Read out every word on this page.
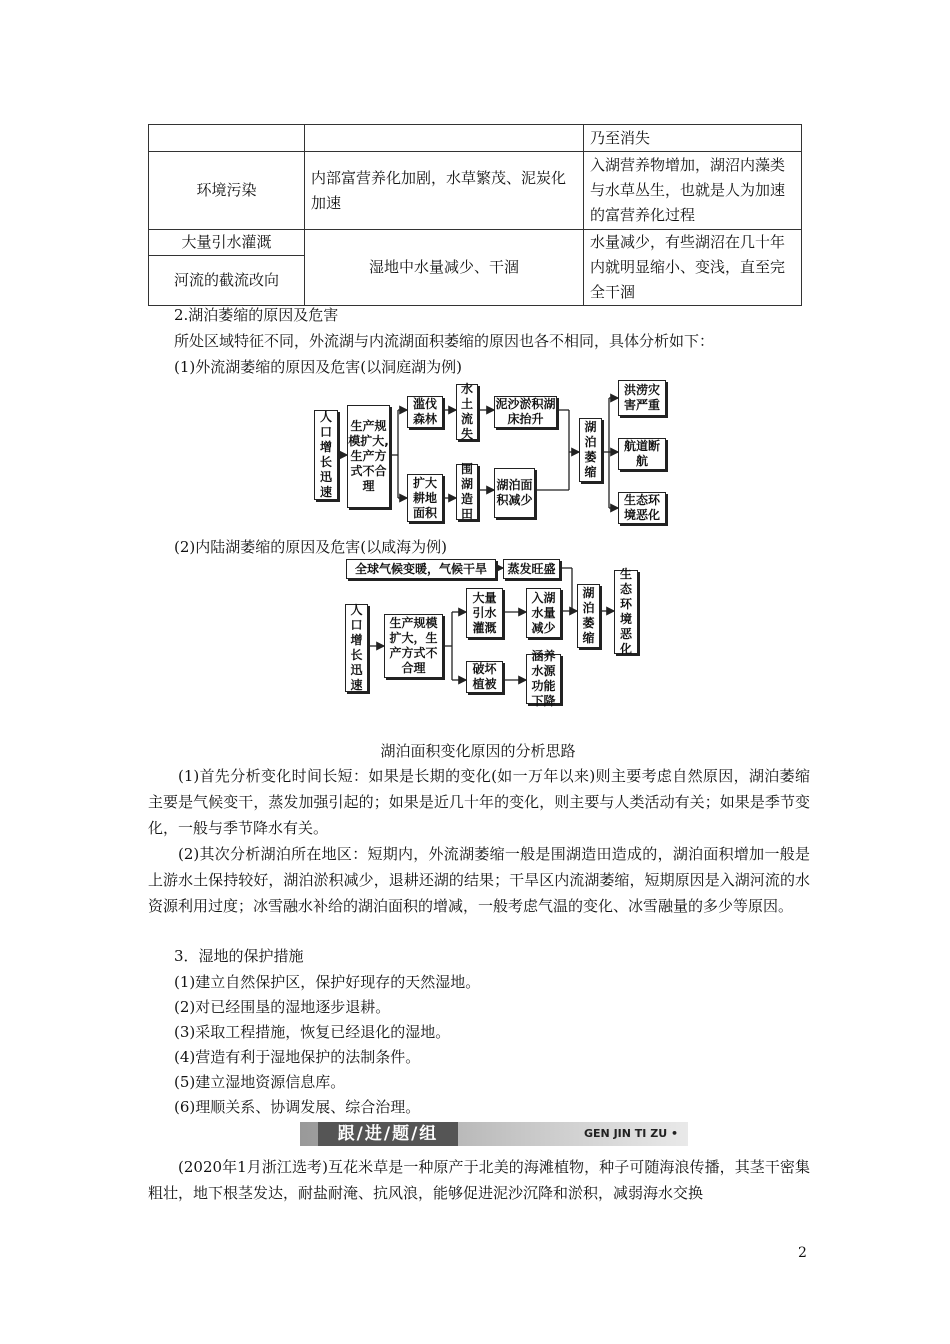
		乃至消失
环境污染	内部富营养化加剧，水草繁茂、泥炭化加速	入湖营养物增加，湖沼内藻类与水草丛生，也就是人为加速的富营养化过程
大量引水灌溉	湿地中水量减少、干涸	水量减少，有些湖沼在几十年内就明显缩小、变浅，直至完全干涸
河流的截流改向		
2.湖泊萎缩的原因及危害
所处区域特征不同，外流湖与内流湖面积萎缩的原因也各不相同，具体分析如下：
(1)外流湖萎缩的原因及危害(以洞庭湖为例)
人口增长迅速
生产规模扩大,生产方式不合理
滥伐森林
水土流失
泥沙淤积湖床抬升
扩大耕地面积
围湖造田
湖泊面积减少
湖泊萎缩
洪涝灾害严重
航道断航
生态环境恶化
(2)内陆湖萎缩的原因及危害(以咸海为例)
全球气候变暖，气候干旱	蒸发旺盛
人口增长迅速
生产规模扩大，生产方式不合理
大量引水灌溉
入湖水量减少
破坏植被
涵养水源功能下降
湖泊萎缩
生态环境恶化
湖泊面积变化原因的分析思路
(1)首先分析变化时间长短：如果是长期的变化(如一万年以来)则主要考虑自然原因，湖泊萎缩主要是气候变干，蒸发加强引起的；如果是近几十年的变化，则主要与人类活动有关；如果是季节变化，一般与季节降水有关。
(2)其次分析湖泊所在地区：短期内，外流湖萎缩一般是围湖造田造成的，湖泊面积增加一般是上游水土保持较好，湖泊淤积减少，退耕还湖的结果；干旱区内流湖萎缩，短期原因是入湖河流的水资源利用过度；冰雪融水补给的湖泊面积的增减，一般考虑气温的变化、冰雪融量的多少等原因。
3．湿地的保护措施
(1)建立自然保护区，保护好现存的天然湿地。
(2)对已经围垦的湿地逐步退耕。
(3)采取工程措施，恢复已经退化的湿地。
(4)营造有利于湿地保护的法制条件。
(5)建立湿地资源信息库。
(6)理顺关系、协调发展、综合治理。
跟/进/题/组	GEN JIN TI ZU •
(2020年1月浙江选考)互花米草是一种原产于北美的海滩植物，种子可随海浪传播，其茎干密集粗壮，地下根茎发达，耐盐耐淹、抗风浪，能够促进泥沙沉降和淤积，减弱海水交换
2
